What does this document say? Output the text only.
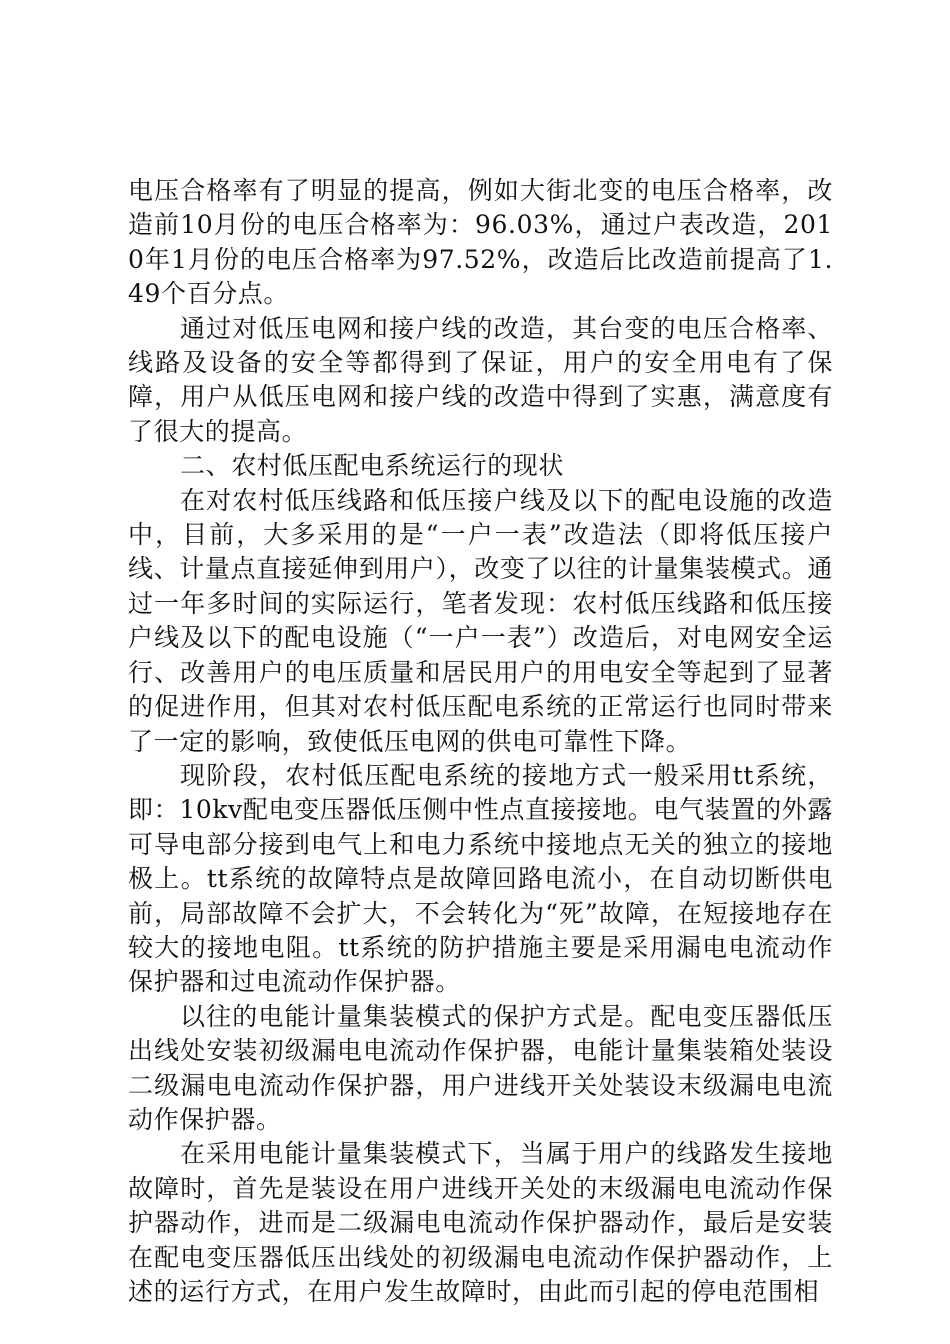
电压合格率有了明显的提高，例如大街北变的电压合格率，改造前10月份的电压合格率为：96.03%，通过户表改造，2010年1月份的电压合格率为97.52%，改造后比改造前提高了1.49个百分点。

通过对低压电网和接户线的改造，其台变的电压合格率、线路及设备的安全等都得到了保证，用户的安全用电有了保障，用户从低压电网和接户线的改造中得到了实惠，满意度有了很大的提高。

二、农村低压配电系统运行的现状

在对农村低压线路和低压接户线及以下的配电设施的改造中，目前，大多采用的是“一户一表”改造法（即将低压接户线、计量点直接延伸到用户），改变了以往的计量集装模式。通过一年多时间的实际运行，笔者发现：农村低压线路和低压接户线及以下的配电设施（“一户一表”）改造后，对电网安全运行、改善用户的电压质量和居民用户的用电安全等起到了显著的促进作用，但其对农村低压配电系统的正常运行也同时带来了一定的影响，致使低压电网的供电可靠性下降。

现阶段，农村低压配电系统的接地方式一般采用tt系统，即：10kv配电变压器低压侧中性点直接接地。电气装置的外露可导电部分接到电气上和电力系统中接地点无关的独立的接地极上。tt系统的故障特点是故障回路电流小，在自动切断供电前，局部故障不会扩大，不会转化为“死”故障，在短接地存在较大的接地电阻。tt系统的防护措施主要是采用漏电电流动作保护器和过电流动作保护器。

以往的电能计量集装模式的保护方式是。配电变压器低压出线处安装初级漏电电流动作保护器，电能计量集装箱处装设二级漏电电流动作保护器，用户进线开关处装设末级漏电电流动作保护器。

在采用电能计量集装模式下，当属于用户的线路发生接地故障时，首先是装设在用户进线开关处的末级漏电电流动作保护器动作，进而是二级漏电电流动作保护器动作，最后是安装在配电变压器低压出线处的初级漏电电流动作保护器动作，上述的运行方式，在用户发生故障时，由此而引起的停电范围相
